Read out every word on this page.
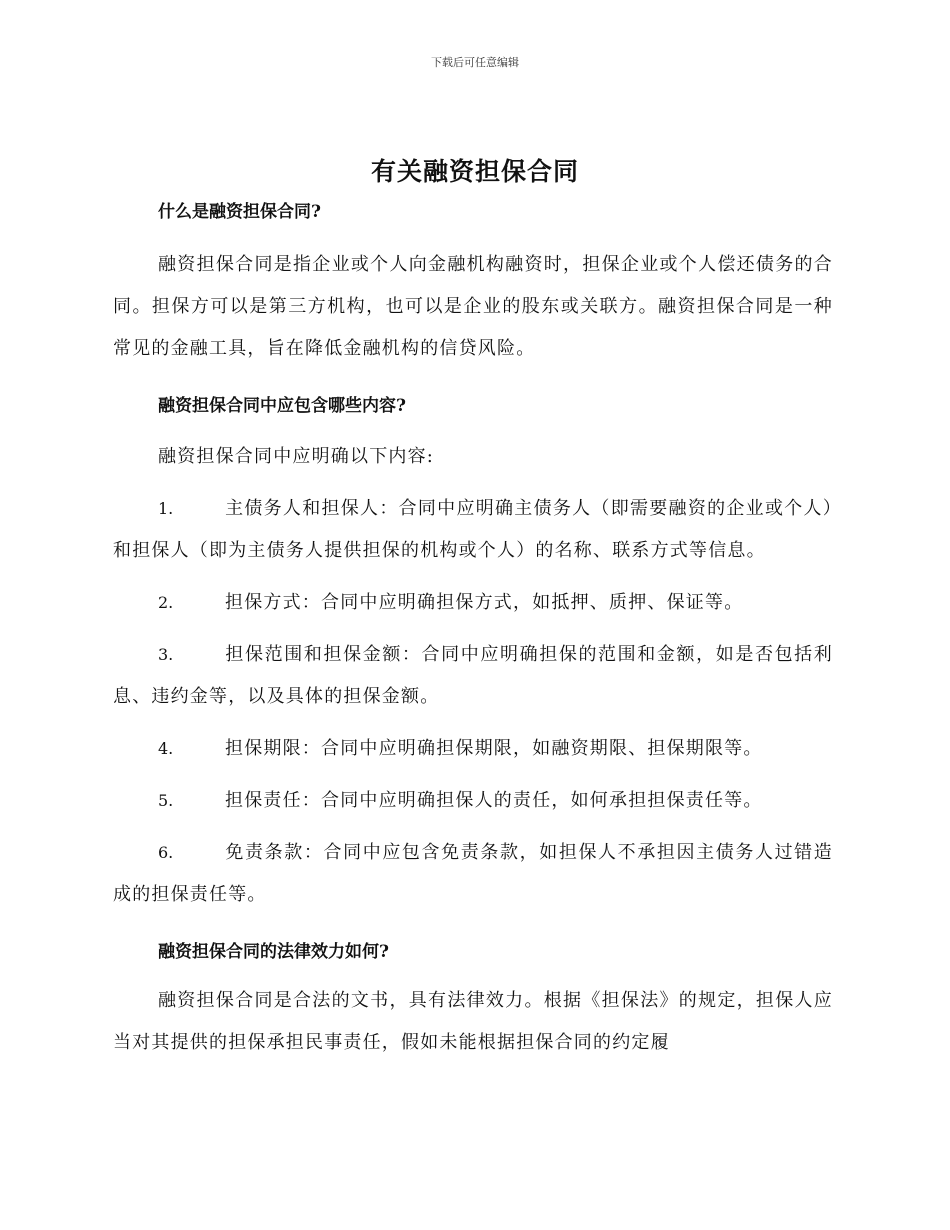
下载后可任意编辑
有关融资担保合同

什么是融资担保合同?

融资担保合同是指企业或个人向金融机构融资时，担保企业或个人偿还债务的合同。担保方可以是第三方机构，也可以是企业的股东或关联方。融资担保合同是一种常见的金融工具，旨在降低金融机构的信贷风险。

融资担保合同中应包含哪些内容?

融资担保合同中应明确以下内容:

1.	主债务人和担保人：合同中应明确主债务人（即需要融资的企业或个人）和担保人（即为主债务人提供担保的机构或个人）的名称、联系方式等信息。
2.	担保方式：合同中应明确担保方式，如抵押、质押、保证等。
3.	担保范围和担保金额：合同中应明确担保的范围和金额，如是否包括利息、违约金等，以及具体的担保金额。
4.	担保期限：合同中应明确担保期限，如融资期限、担保期限等。
5.	担保责任：合同中应明确担保人的责任，如何承担担保责任等。
6.	免责条款：合同中应包含免责条款，如担保人不承担因主债务人过错造成的担保责任等。

融资担保合同的法律效力如何?

融资担保合同是合法的文书，具有法律效力。根据《担保法》的规定，担保人应当对其提供的担保承担民事责任，假如未能根据担保合同的约定履
